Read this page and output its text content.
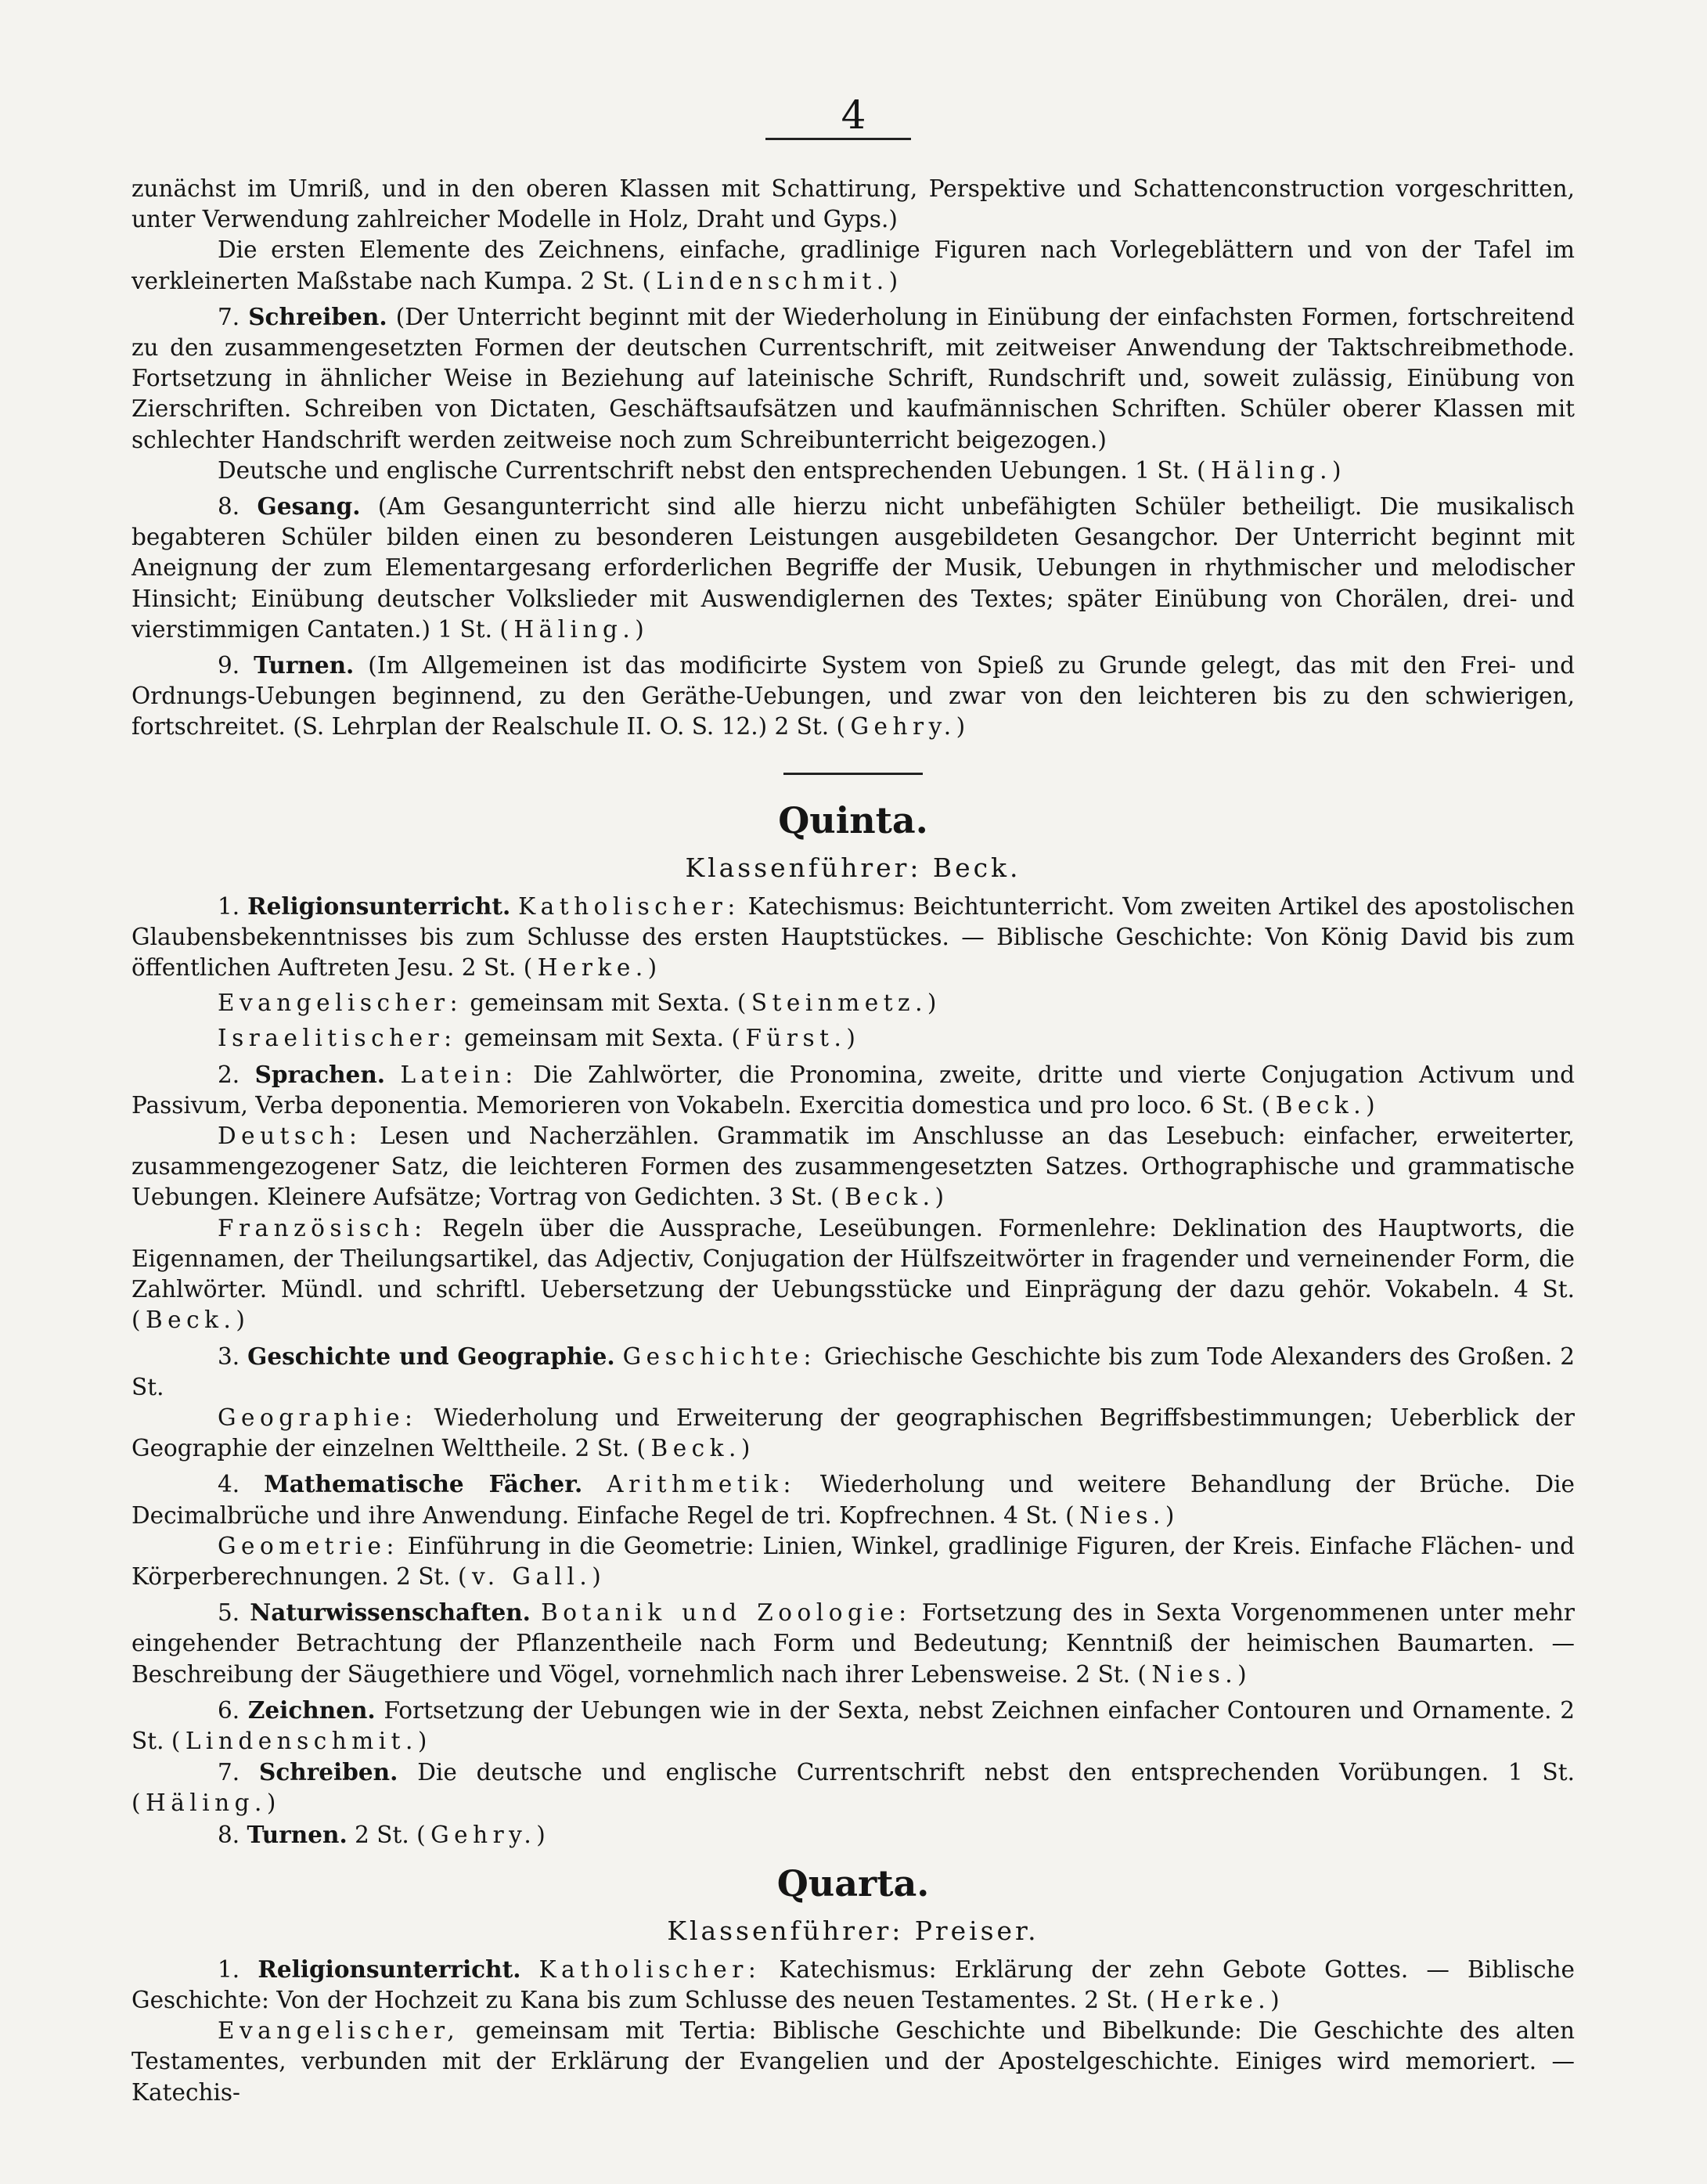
4

zunächst im Umriß, und in den oberen Klassen mit Schattirung, Perspektive und Schattenconstruction vorgeschritten, unter Verwendung zahlreicher Modelle in Holz, Draht und Gyps.)

Die ersten Elemente des Zeichnens, einfache, gradlinige Figuren nach Vorlegeblättern und von der Tafel im verkleinerten Maßstabe nach Kumpa. 2 St. (Lindenschmit.)

7. Schreiben. (Der Unterricht beginnt mit der Wiederholung in Einübung der einfachsten Formen, fortschreitend zu den zusammengesetzten Formen der deutschen Currentschrift, mit zeitweiser Anwendung der Taktschreibmethode. Fortsetzung in ähnlicher Weise in Beziehung auf lateinische Schrift, Rundschrift und, soweit zulässig, Einübung von Zierschriften. Schreiben von Dictaten, Geschäftsaufsätzen und kaufmännischen Schriften. Schüler oberer Klassen mit schlechter Handschrift werden zeitweise noch zum Schreibunterricht beigezogen.)

Deutsche und englische Currentschrift nebst den entsprechenden Uebungen. 1 St. (Häling.)

8. Gesang. (Am Gesangunterricht sind alle hierzu nicht unbefähigten Schüler betheiligt. Die musikalisch begabteren Schüler bilden einen zu besonderen Leistungen ausgebildeten Gesangchor. Der Unterricht beginnt mit Aneignung der zum Elementargesang erforderlichen Begriffe der Musik, Uebungen in rhythmischer und melodischer Hinsicht; Einübung deutscher Volkslieder mit Auswendiglernen des Textes; später Einübung von Chorälen, drei- und vierstimmigen Cantaten.) 1 St. (Häling.)

9. Turnen. (Im Allgemeinen ist das modificirte System von Spieß zu Grunde gelegt, das mit den Frei- und Ordnungs-Uebungen beginnend, zu den Geräthe-Uebungen, und zwar von den leichteren bis zu den schwierigen, fortschreitet. (S. Lehrplan der Realschule II. O. S. 12.) 2 St. (Gehry.)

Quinta.
Klassenführer: Beck.

1. Religionsunterricht. Katholischer: Katechismus: Beichtunterricht. Vom zweiten Artikel des apostolischen Glaubensbekenntnisses bis zum Schlusse des ersten Hauptstückes. — Biblische Geschichte: Von König David bis zum öffentlichen Auftreten Jesu. 2 St. (Herke.)

Evangelischer: gemeinsam mit Sexta. (Steinmetz.)

Israelitischer: gemeinsam mit Sexta. (Fürst.)

2. Sprachen. Latein: Die Zahlwörter, die Pronomina, zweite, dritte und vierte Conjugation Activum und Passivum, Verba deponentia. Memorieren von Vokabeln. Exercitia domestica und pro loco. 6 St. (Beck.)

Deutsch: Lesen und Nacherzählen. Grammatik im Anschlusse an das Lesebuch: einfacher, erweiterter, zusammengezogener Satz, die leichteren Formen des zusammengesetzten Satzes. Orthographische und grammatische Uebungen. Kleinere Aufsätze; Vortrag von Gedichten. 3 St. (Beck.)

Französisch: Regeln über die Aussprache, Leseübungen. Formenlehre: Deklination des Hauptworts, die Eigennamen, der Theilungsartikel, das Adjectiv, Conjugation der Hülfszeitwörter in fragender und verneinender Form, die Zahlwörter. Mündl. und schriftl. Uebersetzung der Uebungsstücke und Einprägung der dazu gehör. Vokabeln. 4 St. (Beck.)

3. Geschichte und Geographie. Geschichte: Griechische Geschichte bis zum Tode Alexanders des Großen. 2 St.

Geographie: Wiederholung und Erweiterung der geographischen Begriffsbestimmungen; Ueberblick der Geographie der einzelnen Welttheile. 2 St. (Beck.)

4. Mathematische Fächer. Arithmetik: Wiederholung und weitere Behandlung der Brüche. Die Decimalbrüche und ihre Anwendung. Einfache Regel de tri. Kopfrechnen. 4 St. (Nies.)

Geometrie: Einführung in die Geometrie: Linien, Winkel, gradlinige Figuren, der Kreis. Einfache Flächen- und Körperberechnungen. 2 St. (v. Gall.)

5. Naturwissenschaften. Botanik und Zoologie: Fortsetzung des in Sexta Vorgenommenen unter mehr eingehender Betrachtung der Pflanzentheile nach Form und Bedeutung; Kenntniß der heimischen Baumarten. — Beschreibung der Säugethiere und Vögel, vornehmlich nach ihrer Lebensweise. 2 St. (Nies.)

6. Zeichnen. Fortsetzung der Uebungen wie in der Sexta, nebst Zeichnen einfacher Contouren und Ornamente. 2 St. (Lindenschmit.)

7. Schreiben. Die deutsche und englische Currentschrift nebst den entsprechenden Vorübungen. 1 St. (Häling.)

8. Turnen. 2 St. (Gehry.)

Quarta.
Klassenführer: Preiser.

1. Religionsunterricht. Katholischer: Katechismus: Erklärung der zehn Gebote Gottes. — Biblische Geschichte: Von der Hochzeit zu Kana bis zum Schlusse des neuen Testamentes. 2 St. (Herke.)

Evangelischer, gemeinsam mit Tertia: Biblische Geschichte und Bibelkunde: Die Geschichte des alten Testamentes, verbunden mit der Erklärung der Evangelien und der Apostelgeschichte. Einiges wird memoriert. — Katechis-
